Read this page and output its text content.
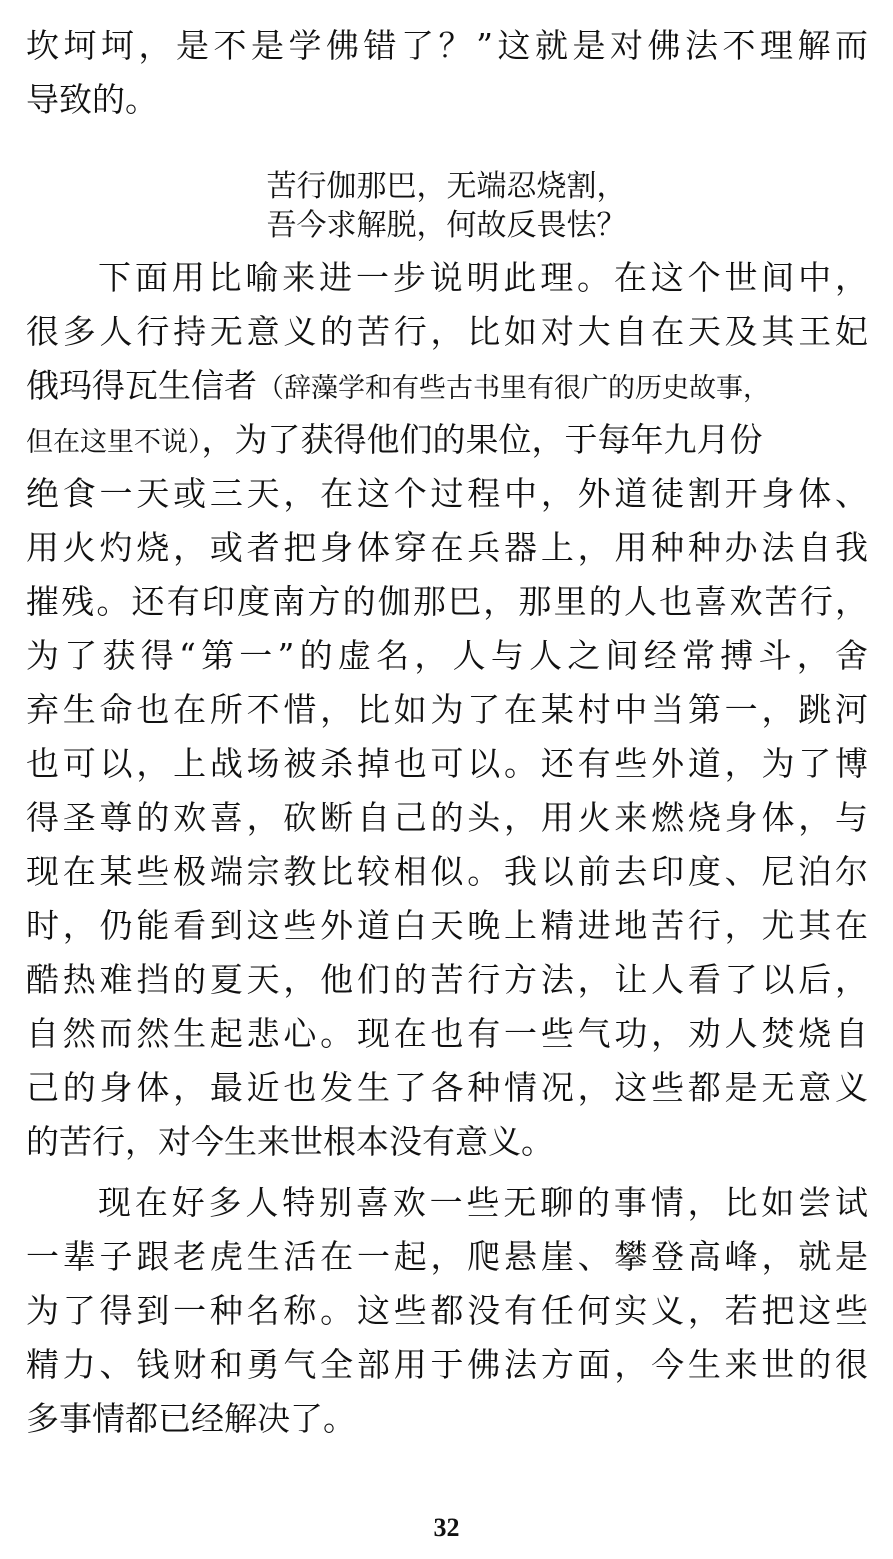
坎坷坷，是不是学佛错了？”这就是对佛法不理解而
导致的。
下面用比喻来进一步说明此理。在这个世间中，
很多人行持无意义的苦行，比如对大自在天及其王妃
俄玛得瓦生信者（辞藻学和有些古书里有很广的历史故事，
但在这里不说），为了获得他们的果位，于每年九月份
绝食一天或三天，在这个过程中，外道徒割开身体、
用火灼烧，或者把身体穿在兵器上，用种种办法自我
摧残。还有印度南方的伽那巴，那里的人也喜欢苦行，
为了获得“第一”的虚名，人与人之间经常搏斗，舍
弃生命也在所不惜，比如为了在某村中当第一，跳河
也可以，上战场被杀掉也可以。还有些外道，为了博
得圣尊的欢喜，砍断自己的头，用火来燃烧身体，与
现在某些极端宗教比较相似。我以前去印度、尼泊尔
时，仍能看到这些外道白天晚上精进地苦行，尤其在
酷热难挡的夏天，他们的苦行方法，让人看了以后，
自然而然生起悲心。现在也有一些气功，劝人焚烧自
己的身体，最近也发生了各种情况，这些都是无意义
的苦行，对今生来世根本没有意义。
现在好多人特别喜欢一些无聊的事情，比如尝试
一辈子跟老虎生活在一起，爬悬崖、攀登高峰，就是
为了得到一种名称。这些都没有任何实义，若把这些
精力、钱财和勇气全部用于佛法方面，今生来世的很
多事情都已经解决了。
苦行伽那巴，无端忍烧割，
吾今求解脱，何故反畏怯？
32
